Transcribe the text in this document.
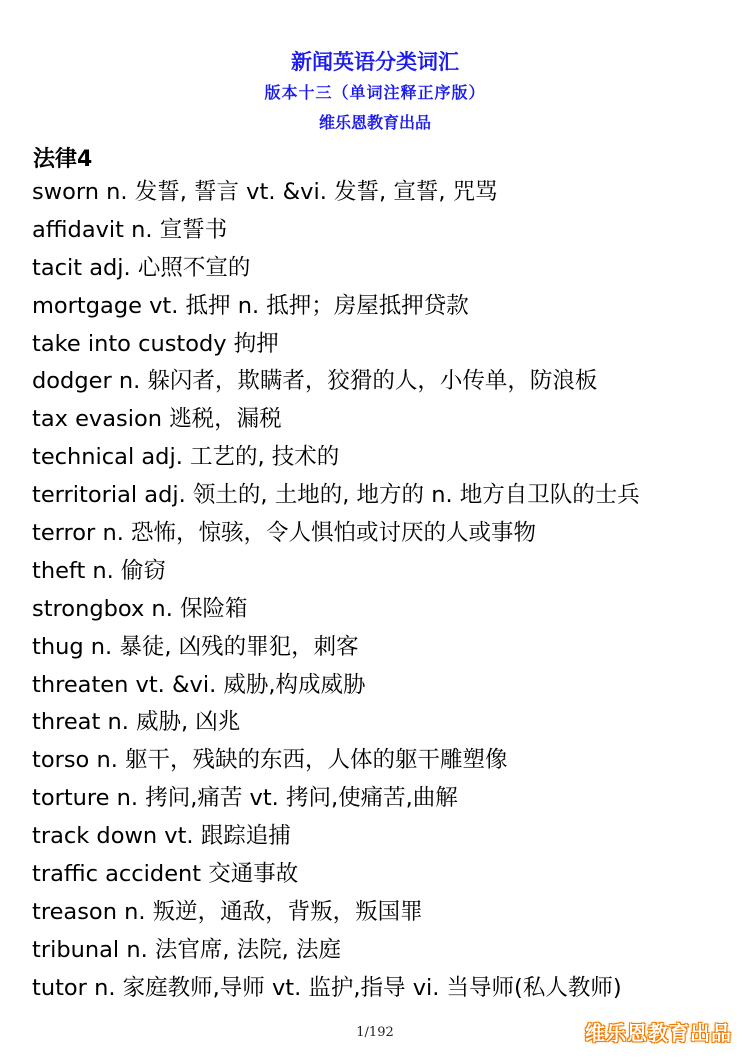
新闻英语分类词汇
版本十三（单词注释正序版）
维乐恩教育出品
法律4
sworn n. 发誓, 誓言 vt. &vi. 发誓, 宣誓, 咒骂
affidavit n. 宣誓书
tacit adj. 心照不宣的
mortgage vt. 抵押 n. 抵押；房屋抵押贷款
take into custody 拘押
dodger n. 躲闪者，欺瞒者，狡猾的人，小传单，防浪板
tax evasion 逃税，漏税
technical adj. 工艺的, 技术的
territorial adj. 领土的, 土地的, 地方的 n. 地方自卫队的士兵
terror n. 恐怖，惊骇，令人惧怕或讨厌的人或事物
theft n. 偷窃
strongbox n. 保险箱
thug n. 暴徒, 凶残的罪犯，刺客
threaten vt. &vi. 威胁,构成威胁
threat n. 威胁, 凶兆
torso n. 躯干，残缺的东西，人体的躯干雕塑像
torture n. 拷问,痛苦 vt. 拷问,使痛苦,曲解
track down vt. 跟踪追捕
traffic accident 交通事故
treason n. 叛逆，通敌，背叛，叛国罪
tribunal n. 法官席, 法院, 法庭
tutor n. 家庭教师,导师 vt. 监护,指导 vi. 当导师(私人教师)
1/192	维乐恩教育出品
